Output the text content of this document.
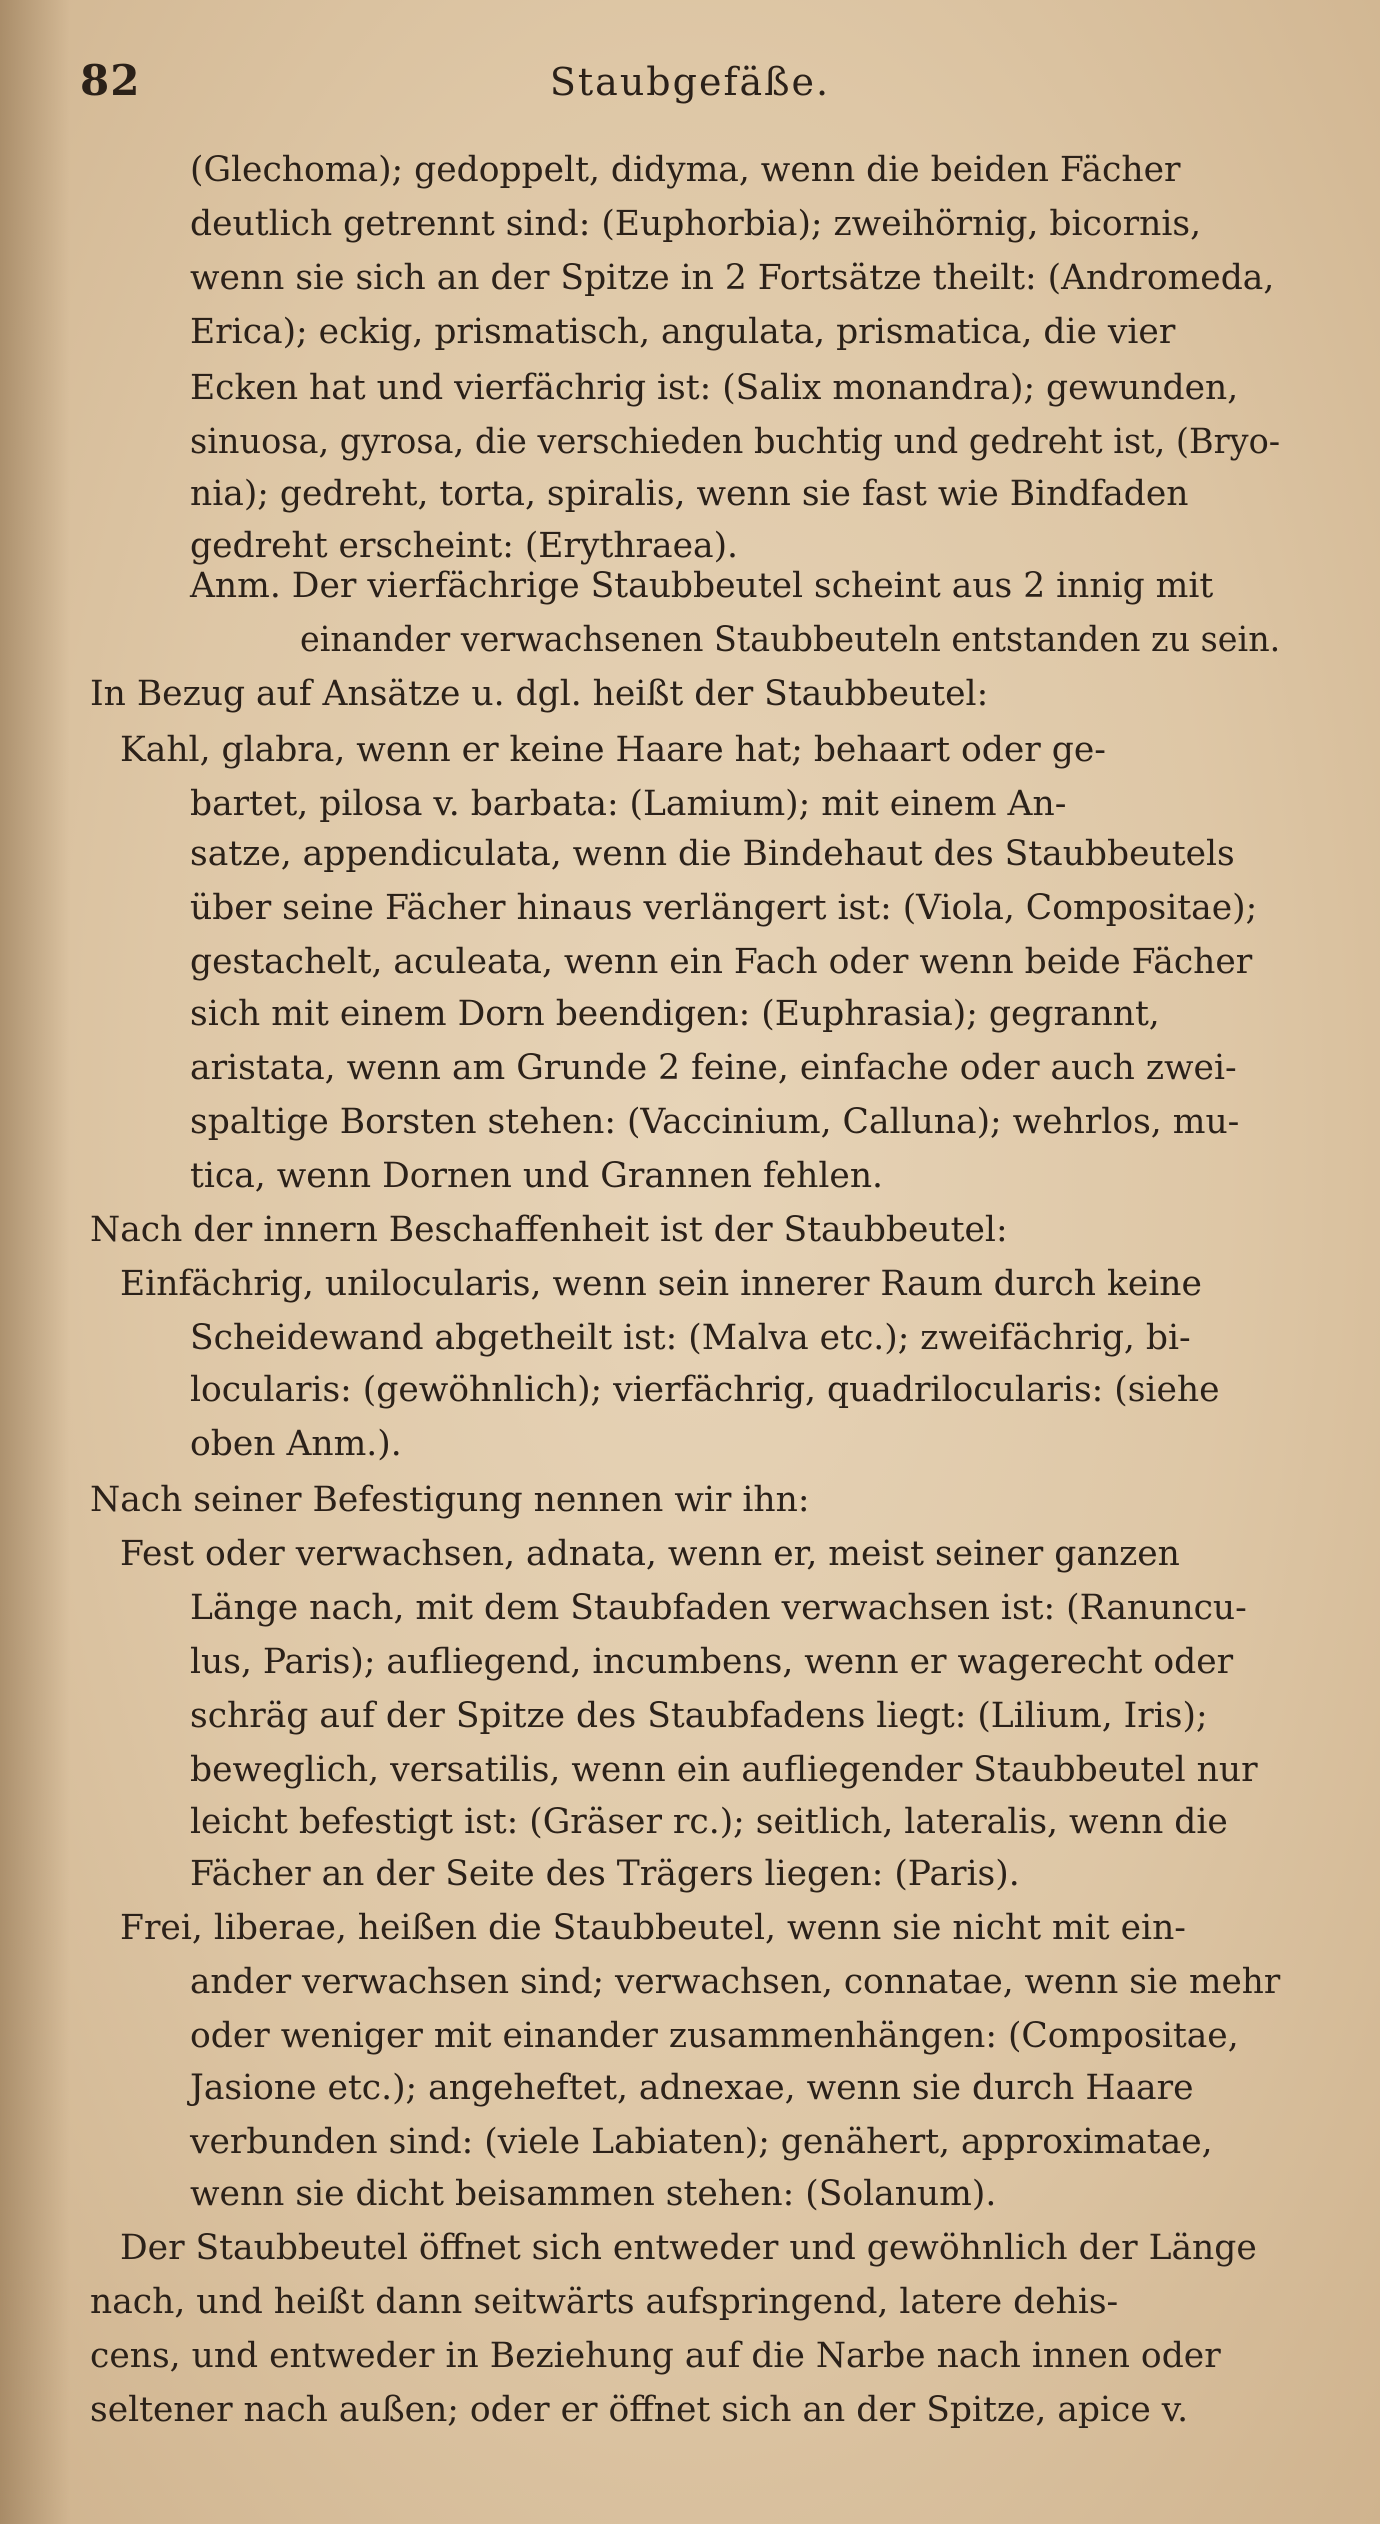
82	Staubgefäße.
(Glechoma); gedoppelt, didyma, wenn die beiden Fächer
deutlich getrennt sind: (Euphorbia); zweihörnig, bicornis,
wenn sie sich an der Spitze in 2 Fortsätze theilt: (Andromeda,
Erica); eckig, prismatisch, angulata, prismatica, die vier
Ecken hat und vierfächrig ist: (Salix monandra); gewunden,
sinuosa, gyrosa, die verschieden buchtig und gedreht ist, (Bryo-
nia); gedreht, torta, spiralis, wenn sie fast wie Bindfaden
gedreht erscheint: (Erythraea).
Anm. Der vierfächrige Staubbeutel scheint aus 2 innig mit
einander verwachsenen Staubbeuteln entstanden zu sein.
In Bezug auf Ansätze u. dgl. heißt der Staubbeutel:
Kahl, glabra, wenn er keine Haare hat; behaart oder ge-
bartet, pilosa v. barbata: (Lamium); mit einem An-
satze, appendiculata, wenn die Bindehaut des Staubbeutels
über seine Fächer hinaus verlängert ist: (Viola, Compositae);
gestachelt, aculeata, wenn ein Fach oder wenn beide Fächer
sich mit einem Dorn beendigen: (Euphrasia); gegrannt,
aristata, wenn am Grunde 2 feine, einfache oder auch zwei-
spaltige Borsten stehen: (Vaccinium, Calluna); wehrlos, mu-
tica, wenn Dornen und Grannen fehlen.
Nach der innern Beschaffenheit ist der Staubbeutel:
Einfächrig, unilocularis, wenn sein innerer Raum durch keine
Scheidewand abgetheilt ist: (Malva etc.); zweifächrig, bi-
locularis: (gewöhnlich); vierfächrig, quadrilocularis: (siehe
oben Anm.).
Nach seiner Befestigung nennen wir ihn:
Fest oder verwachsen, adnata, wenn er, meist seiner ganzen
Länge nach, mit dem Staubfaden verwachsen ist: (Ranuncu-
lus, Paris); aufliegend, incumbens, wenn er wagerecht oder
schräg auf der Spitze des Staubfadens liegt: (Lilium, Iris);
beweglich, versatilis, wenn ein aufliegender Staubbeutel nur
leicht befestigt ist: (Gräser rc.); seitlich, lateralis, wenn die
Fächer an der Seite des Trägers liegen: (Paris).
Frei, liberae, heißen die Staubbeutel, wenn sie nicht mit ein-
ander verwachsen sind; verwachsen, connatae, wenn sie mehr
oder weniger mit einander zusammenhängen: (Compositae,
Jasione etc.); angeheftet, adnexae, wenn sie durch Haare
verbunden sind: (viele Labiaten); genähert, approximatae,
wenn sie dicht beisammen stehen: (Solanum).
Der Staubbeutel öffnet sich entweder und gewöhnlich der Länge
nach, und heißt dann seitwärts aufspringend, latere dehis-
cens, und entweder in Beziehung auf die Narbe nach innen oder
seltener nach außen; oder er öffnet sich an der Spitze, apice v.
